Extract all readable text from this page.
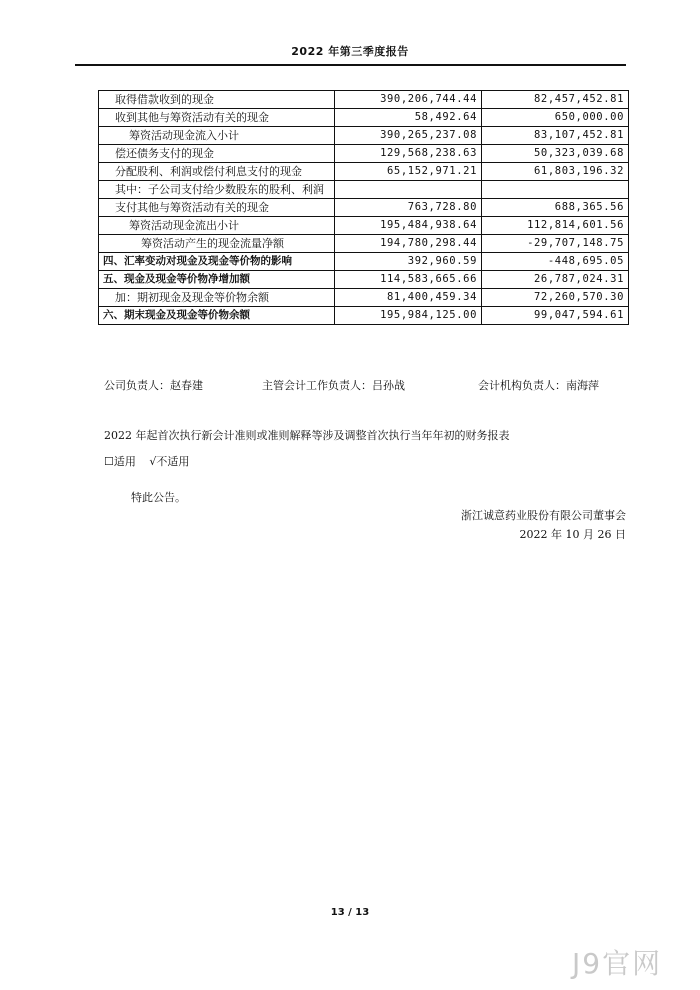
2022 年第三季度报告
取得借款收到的现金	390,206,744.44	82,457,452.81
收到其他与筹资活动有关的现金	58,492.64	650,000.00
筹资活动现金流入小计	390,265,237.08	83,107,452.81
偿还债务支付的现金	129,568,238.63	50,323,039.68
分配股利、利润或偿付利息支付的现金	65,152,971.21	61,803,196.32
其中：子公司支付给少数股东的股利、利润		
支付其他与筹资活动有关的现金	763,728.80	688,365.56
筹资活动现金流出小计	195,484,938.64	112,814,601.56
筹资活动产生的现金流量净额	194,780,298.44	-29,707,148.75
四、汇率变动对现金及现金等价物的影响	392,960.59	-448,695.05
五、现金及现金等价物净增加额	114,583,665.66	26,787,024.31
加：期初现金及现金等价物余额	81,400,459.34	72,260,570.30
六、期末现金及现金等价物余额	195,984,125.00	99,047,594.61
公司负责人：赵春建	主管会计工作负责人：吕孙战	会计机构负责人：南海萍
2022 年起首次执行新会计准则或准则解释等涉及调整首次执行当年年初的财务报表
☐适用 √不适用
特此公告。
浙江诚意药业股份有限公司董事会
2022 年 10 月 26 日
13 / 13
J9官网
